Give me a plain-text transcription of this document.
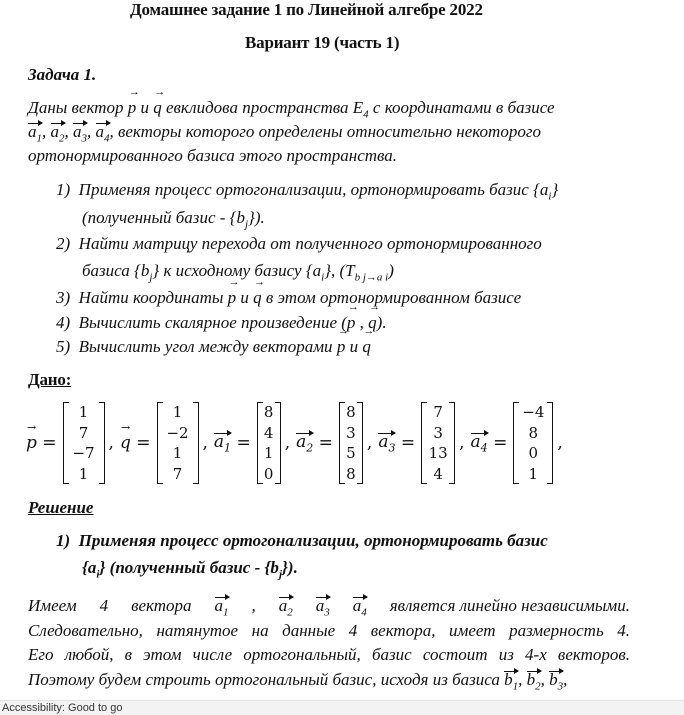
Домашнее задание 1 по Линейной алгебре 2022
Вариант 19 (часть 1)
Задача 1.
Даны вектор p → и q → евклидова пространства $E_4$ с координатами в базисе
$a_1$, $a_2$, $a_3$, $a_4$, векторы которого определены относительно некоторого
ортонормированного базиса этого пространства.
1) Применяя процесс ортогонализации, ортонормировать базис $\{a_i\}$
(полученный базис - $\{b_j\}$).
2) Найти матрицу перехода от полученного ортонормированного
базиса $\{b_j\}$ к исходному базису $\{a_i\}$, $(T_{b j\to a i})$
3) Найти координаты p → и q → в этом ортонормированном базисе
4) Вычислить скалярное произведение (p → , q →).
5) Вычислить угол между векторами p → и q →
Дано:
p →
=
1
7
−7
1
, q →
=
1
−2
1
7
, $a_1$
=
8
4
1
0
, $a_2$
=
8
3
5
8
, $a_3$
=
7
3
13
4
, $a_4$
=
−4
8
0
1
,
Решение
1) Применяя процесс ортогонализации, ортонормировать базис
$\{a_i\}$ (полученный базис - $\{b_j\}$).
Имеем 4 вектора $a_1$ , $a_2$ $a_3$ $a_4$ является линейно независимыми.
Следовательно, натянутое на данные 4 вектора, имеет размерность 4.
Его любой, в этом числе ортогональный, базис состоит из 4-х векторов.
Поэтому будем строить ортогональный базис, исходя из базиса $b_1$, $b_2$, $b_3$,
Accessibility: Good to go
